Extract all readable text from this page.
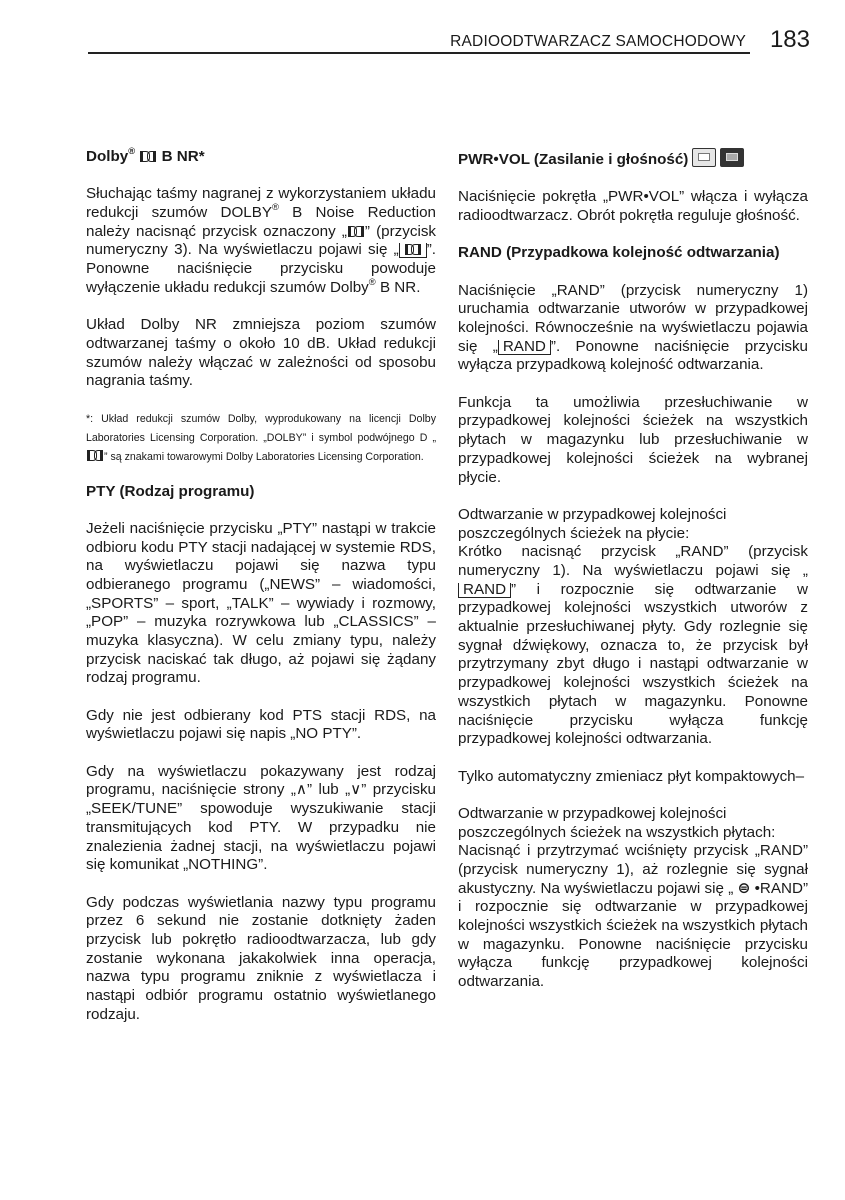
RADIOODTWARZACZ SAMOCHODOWY 183
Dolby®  B NR*

Słuchając taśmy nagranej z wykorzystaniem układu redukcji szumów DOLBY® B Noise Reduction należy nacisnąć przycisk oznaczony „ ” (przycisk numeryczny 3). Na wyświetlaczu pojawi się „ ”. Ponowne naciśnięcie przycisku powoduje wyłączenie układu redukcji szumów Dolby® B NR.

Układ Dolby NR zmniejsza poziom szumów odtwarzanej taśmy o około 10 dB. Układ redukcji szumów należy włączać w zależności od sposobu nagrania taśmy.

*: Układ redukcji szumów Dolby, wyprodukowany na licencji Dolby Laboratories Licensing Corporation. „DOLBY” i symbol podwójnego D „” są znakami towarowymi Dolby Laboratories Licensing Corporation.

PTY (Rodzaj programu)

Jeżeli naciśnięcie przycisku „PTY” nastąpi w trakcie odbioru kodu PTY stacji nadającej w systemie RDS, na wyświetlaczu pojawi się nazwa typu odbieranego programu („NEWS” – wiadomości, „SPORTS” – sport, „TALK” – wywiady i rozmowy, „POP” – muzyka rozrywkowa lub „CLASSICS” – muzyka klasyczna). W celu zmiany typu, należy przycisk naciskać tak długo, aż pojawi się żądany rodzaj programu.

Gdy nie jest odbierany kod PTS stacji RDS, na wyświetlaczu pojawi się napis „NO PTY”.

Gdy na wyświetlaczu pokazywany jest rodzaj programu, naciśnięcie strony „∧” lub „∨” przycisku „SEEK/TUNE” spowoduje wyszukiwanie stacji transmitujących kod PTY. W przypadku nie znalezienia żadnej stacji, na wyświetlaczu pojawi się komunikat „NOTHING”.

Gdy podczas wyświetlania nazwy typu programu przez 6 sekund nie zostanie dotknięty żaden przycisk lub pokrętło radioodtwarzacza, lub gdy zostanie wykonana jakakolwiek inna operacja, nazwa typu programu zniknie z wyświetlacza i nastąpi odbiór programu ostatnio wyświetlanego rodzaju.

PWR•VOL (Zasilanie i głośność)

Naciśnięcie pokrętła „PWR•VOL” włącza i wyłącza radioodtwarzacz. Obrót pokrętła reguluje głośność.

RAND (Przypadkowa kolejność odtwarzania)

Naciśnięcie „RAND” (przycisk numeryczny 1) uruchamia odtwarzanie utworów w przypadkowej kolejności. Równocześnie na wyświetlaczu pojawia się „ RAND ”. Ponowne naciśnięcie przycisku wyłącza przypadkową kolejność odtwarzania.

Funkcja ta umożliwia przesłuchiwanie w przypadkowej kolejności ścieżek na wszystkich płytach w magazynku lub przesłuchiwanie w przypadkowej kolejności ścieżek na wybranej płycie.

Odtwarzanie w przypadkowej kolejności poszczególnych ścieżek na płycie:

Krótko nacisnąć przycisk „RAND” (przycisk numeryczny 1). Na wyświetlaczu pojawi się „RAND ” i rozpocznie się odtwarzanie w przypadkowej kolejności wszystkich utworów z aktualnie przesłuchiwanej płyty. Gdy rozlegnie się sygnał dźwiękowy, oznacza to, że przycisk był przytrzymany zbyt długo i nastąpi odtwarzanie w przypadkowej kolejności wszystkich ścieżek na wszystkich płytach w magazynku. Ponowne naciśnięcie przycisku wyłącza funkcję przypadkowej kolejności odtwarzania.

Tylko automatyczny zmieniacz płyt kompaktowych–

Odtwarzanie w przypadkowej kolejności poszczególnych ścieżek na wszystkich płytach:

Nacisnąć i przytrzymać wciśnięty przycisk „RAND” (przycisk numeryczny 1), aż rozlegnie się sygnał akustyczny. Na wyświetlaczu pojawi się „ ⊜ •RAND” i rozpocznie się odtwarzanie w przypadkowej kolejności wszystkich ścieżek na wszystkich płytach w magazynku. Ponowne naciśnięcie przycisku wyłącza funkcję przypadkowej kolejności odtwarzania.
